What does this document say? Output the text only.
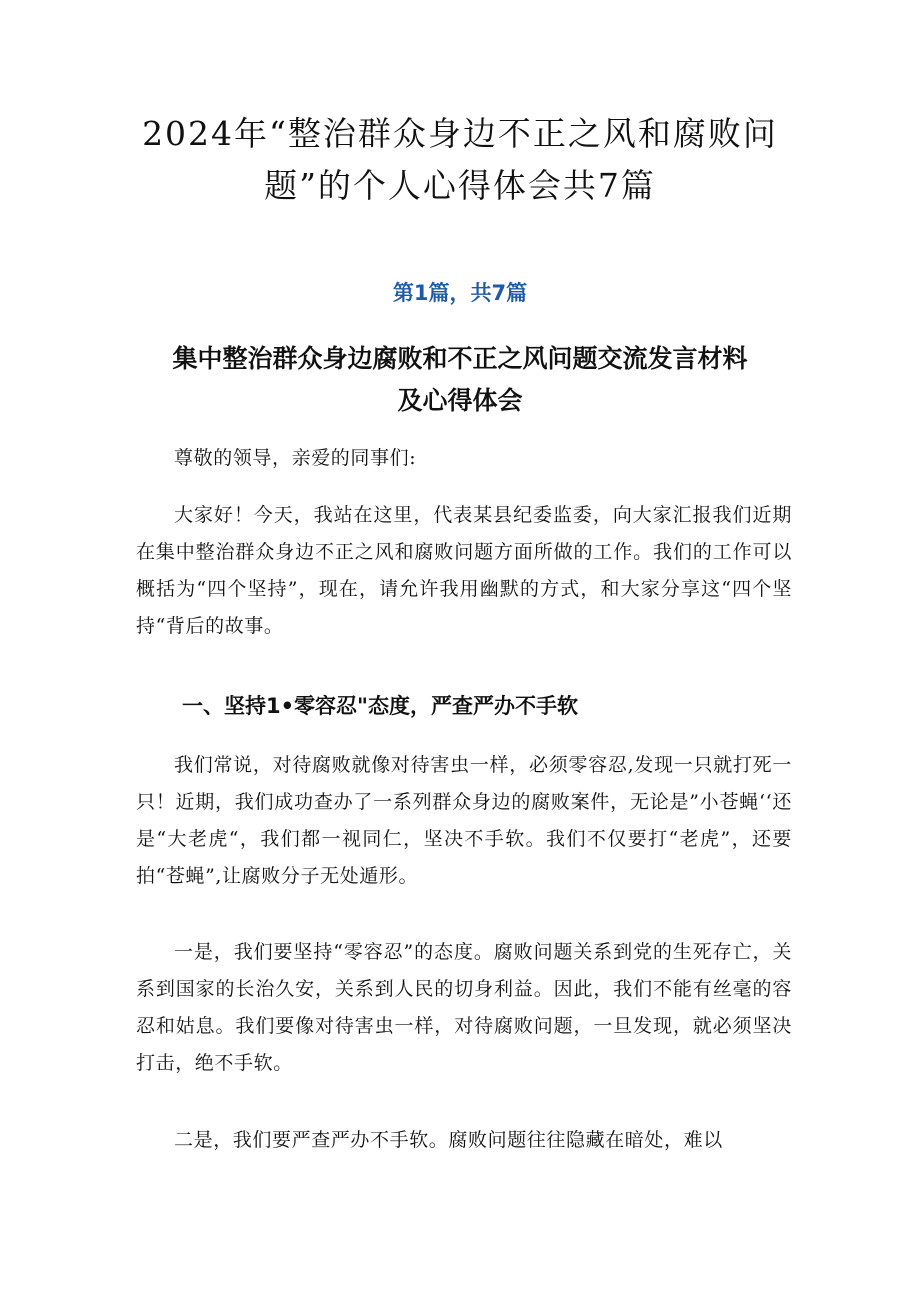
2024年“整治群众身边不正之风和腐败问题”的个人心得体会共7篇
第1篇，共7篇
集中整治群众身边腐败和不正之风问题交流发言材料及心得体会

尊敬的领导，亲爱的同事们:

大家好！今天，我站在这里，代表某县纪委监委，向大家汇报我们近期在集中整治群众身边不正之风和腐败问题方面所做的工作。我们的工作可以概括为“四个坚持”，现在，请允许我用幽默的方式，和大家分享这“四个坚持“背后的故事。

一、坚持1•零容忍"态度，严查严办不手软

我们常说，对待腐败就像对待害虫一样，必须零容忍,发现一只就打死一只！近期，我们成功查办了一系列群众身边的腐败案件，无论是”小苍蝇‘‘还是“大老虎“，我们都一视同仁，坚决不手软。我们不仅要打“老虎”，还要拍“苍蝇”,让腐败分子无处遁形。

一是，我们要坚持“零容忍”的态度。腐败问题关系到党的生死存亡，关系到国家的长治久安，关系到人民的切身利益。因此，我们不能有丝毫的容忍和姑息。我们要像对待害虫一样，对待腐败问题，一旦发现，就必须坚决打击，绝不手软。

二是，我们要严查严办不手软。腐败问题往往隐藏在暗处，难以
